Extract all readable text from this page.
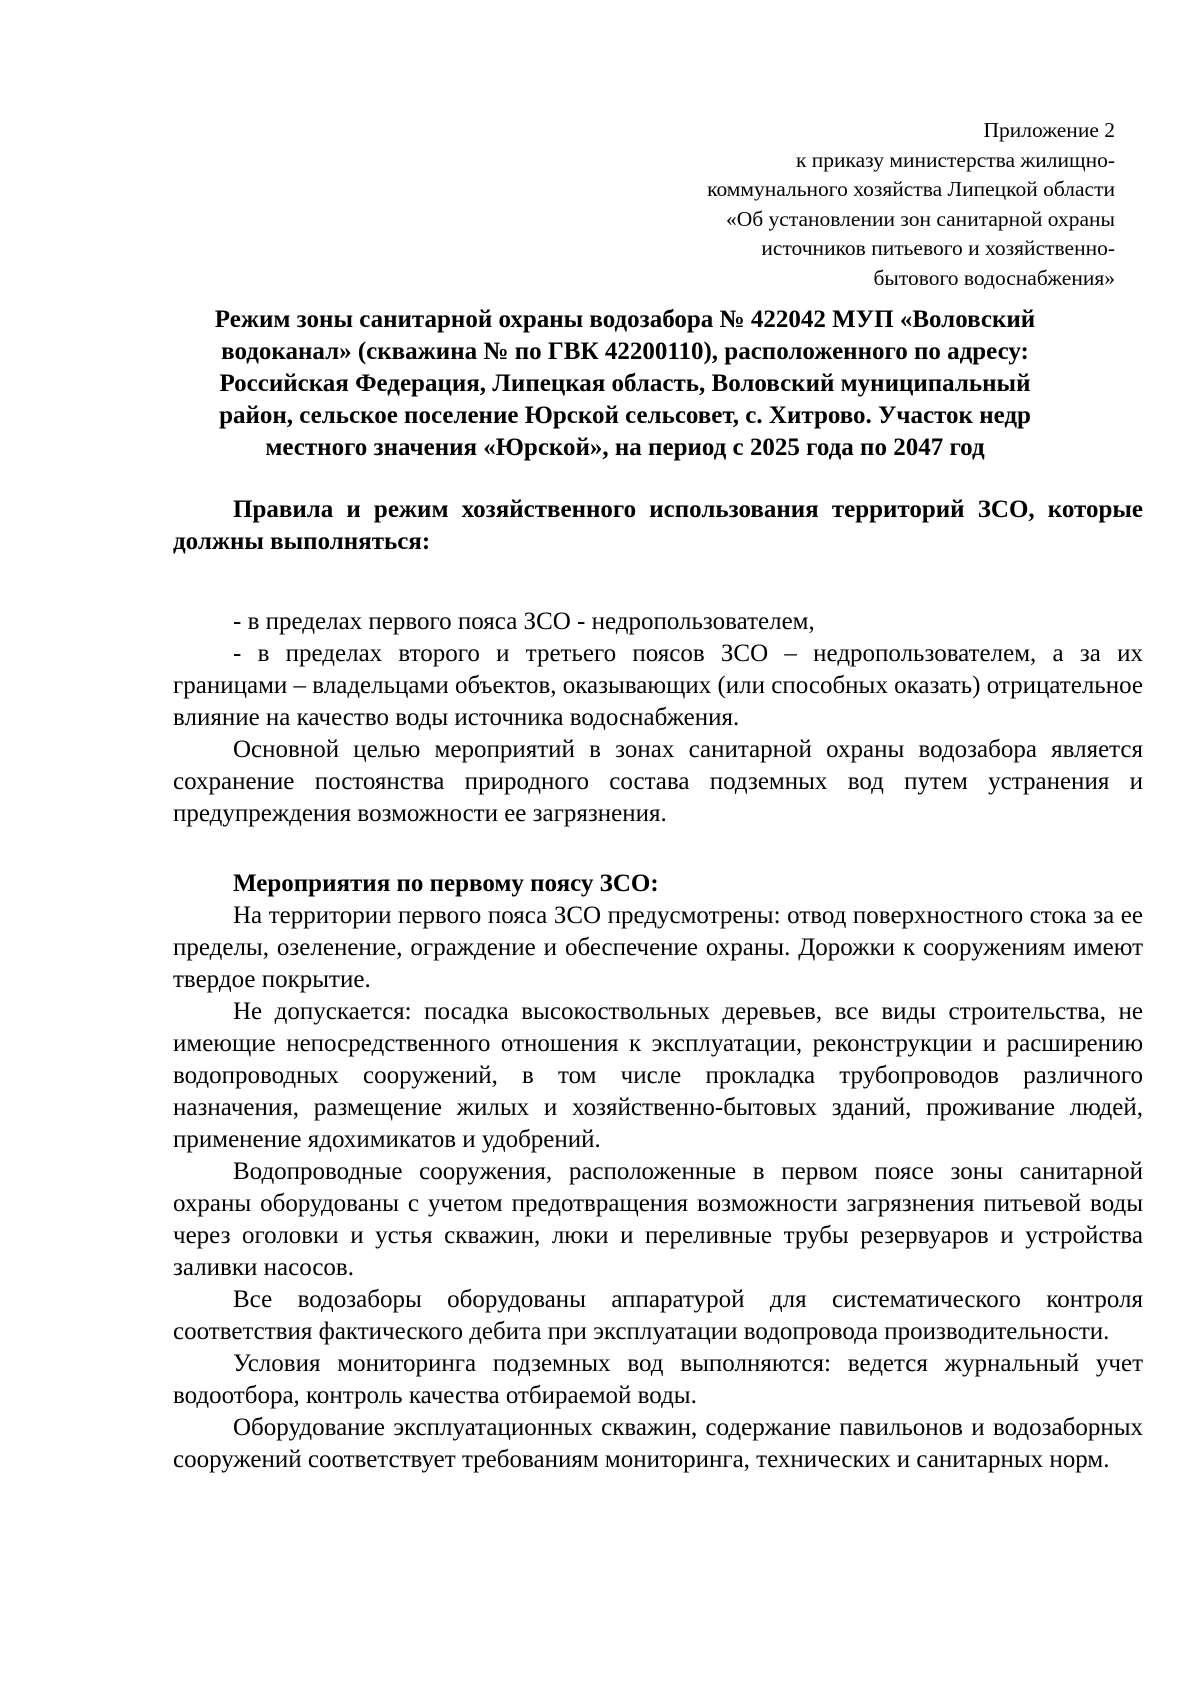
Приложение 2
к приказу министерства жилищно-
коммунального хозяйства Липецкой области
«Об установлении зон санитарной охраны
источников питьевого и хозяйственно-
бытового водоснабжения»
Режим зоны санитарной охраны водозабора № 422042 МУП «Воловский
водоканал» (скважина № по ГВК 42200110), расположенного по адресу:
Российская Федерация, Липецкая область, Воловский муниципальный
район, сельское поселение Юрской сельсовет, с. Хитрово. Участок недр
местного значения «Юрской», на период с 2025 года по 2047 год

Правила и режим хозяйственного использования территорий ЗСО, которые должны выполняться:

- в пределах первого пояса ЗСО - недропользователем,

- в пределах второго и третьего поясов ЗСО – недропользователем, а за их границами – владельцами объектов, оказывающих (или способных оказать) отрицательное влияние на качество воды источника водоснабжения.

Основной целью мероприятий в зонах санитарной охраны водозабора является сохранение постоянства природного состава подземных вод путем устранения и предупреждения возможности ее загрязнения.

Мероприятия по первому поясу ЗСО:

На территории первого пояса ЗСО предусмотрены: отвод поверхностного стока за ее пределы, озеленение, ограждение и обеспечение охраны. Дорожки к сооружениям имеют твердое покрытие.

Не допускается: посадка высокоствольных деревьев, все виды строительства, не имеющие непосредственного отношения к эксплуатации, реконструкции и расширению водопроводных сооружений, в том числе прокладка трубопроводов различного назначения, размещение жилых и хозяйственно-бытовых зданий, проживание людей, применение ядохимикатов и удобрений.

Водопроводные сооружения, расположенные в первом поясе зоны санитарной охраны оборудованы с учетом предотвращения возможности загрязнения питьевой воды через оголовки и устья скважин, люки и переливные трубы резервуаров и устройства заливки насосов.

Все водозаборы оборудованы аппаратурой для систематического контроля соответствия фактического дебита при эксплуатации водопровода производительности.

Условия мониторинга подземных вод выполняются: ведется журнальный учет водоотбора, контроль качества отбираемой воды.

Оборудование эксплуатационных скважин, содержание павильонов и водозаборных сооружений соответствует требованиям мониторинга, технических и санитарных норм.
